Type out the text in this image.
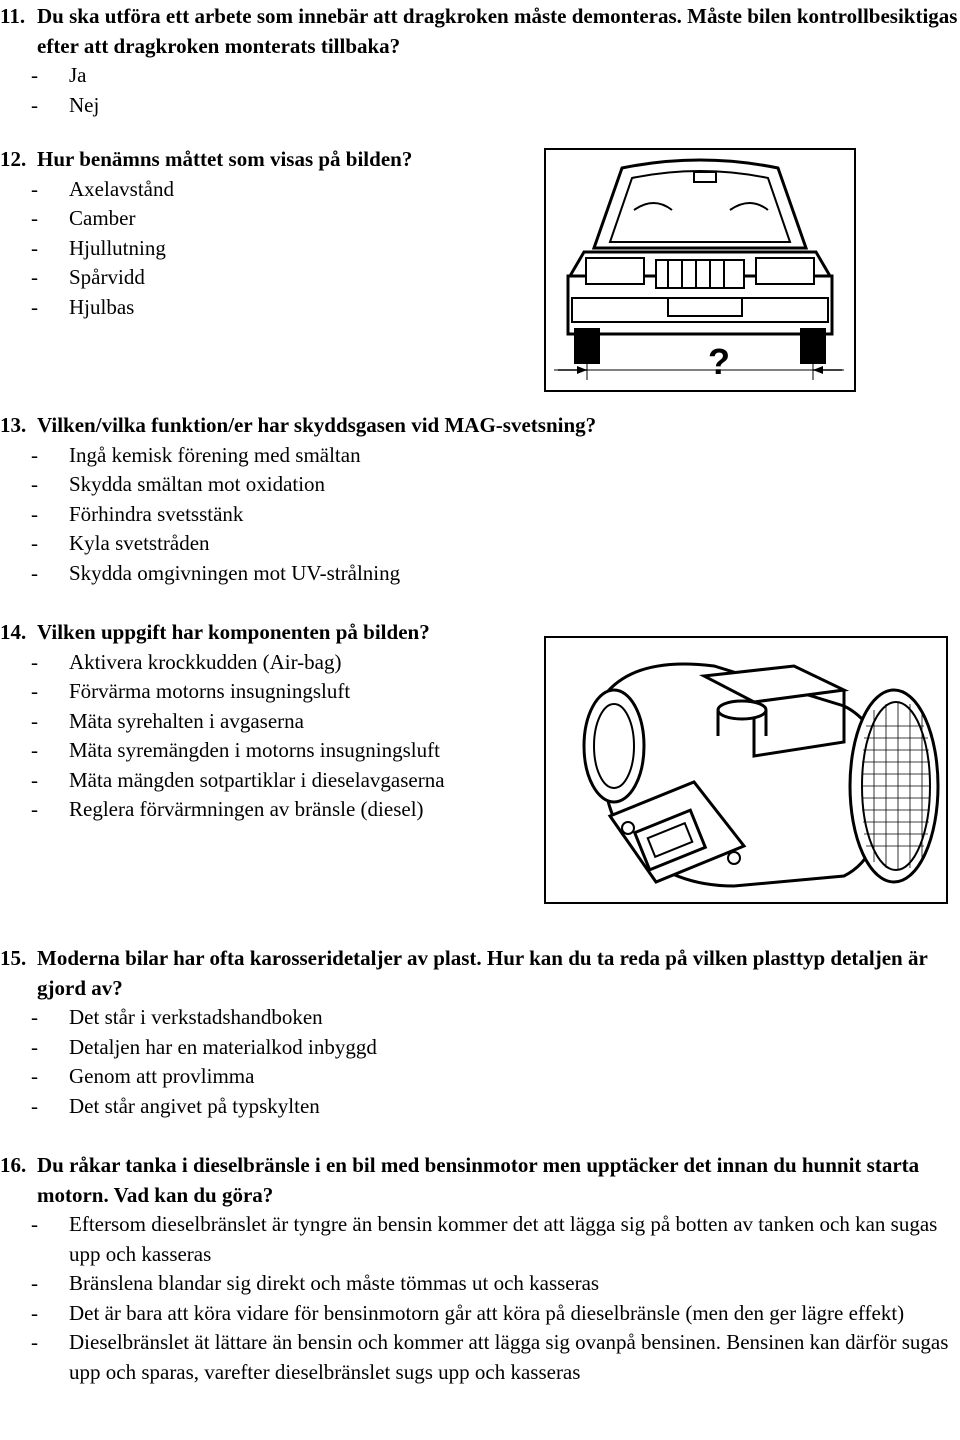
11. Du ska utföra ett arbete som innebär att dragkroken måste demonteras. Måste bilen kontrollbesiktigas efter att dragkroken monterats tillbaka?

- Ja
- Nej

12. Hur benämns måttet som visas på bilden?

- Axelavstånd
- Camber
- Hjullutning
- Spårvidd
- Hjulbas
?

13. Vilken/vilka funktion/er har skyddsgasen vid MAG-svetsning?

- Ingå kemisk förening med smältan
- Skydda smältan mot oxidation
- Förhindra svetsstänk
- Kyla svetstråden
- Skydda omgivningen mot UV-strålning

14. Vilken uppgift har komponenten på bilden?

- Aktivera krockkudden (Air-bag)
- Förvärma motorns insugningsluft
- Mäta syrehalten i avgaserna
- Mäta syremängden i motorns insugningsluft
- Mäta mängden sotpartiklar i dieselavgaserna
- Reglera förvärmningen av bränsle (diesel)

15. Moderna bilar har ofta karosseridetaljer av plast. Hur kan du ta reda på vilken plasttyp detaljen är gjord av?

- Det står i verkstadshandboken
- Detaljen har en materialkod inbyggd
- Genom att provlimma
- Det står angivet på typskylten

16. Du råkar tanka i dieselbränsle i en bil med bensinmotor men upptäcker det innan du hunnit starta motorn. Vad kan du göra?

- Eftersom dieselbränslet är tyngre än bensin kommer det att lägga sig på botten av tanken och kan sugas upp och kasseras
- Bränslena blandar sig direkt och måste tömmas ut och kasseras
- Det är bara att köra vidare för bensinmotorn går att köra på dieselbränsle (men den ger lägre effekt)
- Dieselbränslet ät lättare än bensin och kommer att lägga sig ovanpå bensinen. Bensinen kan därför sugas upp och sparas, varefter dieselbränslet sugs upp och kasseras
